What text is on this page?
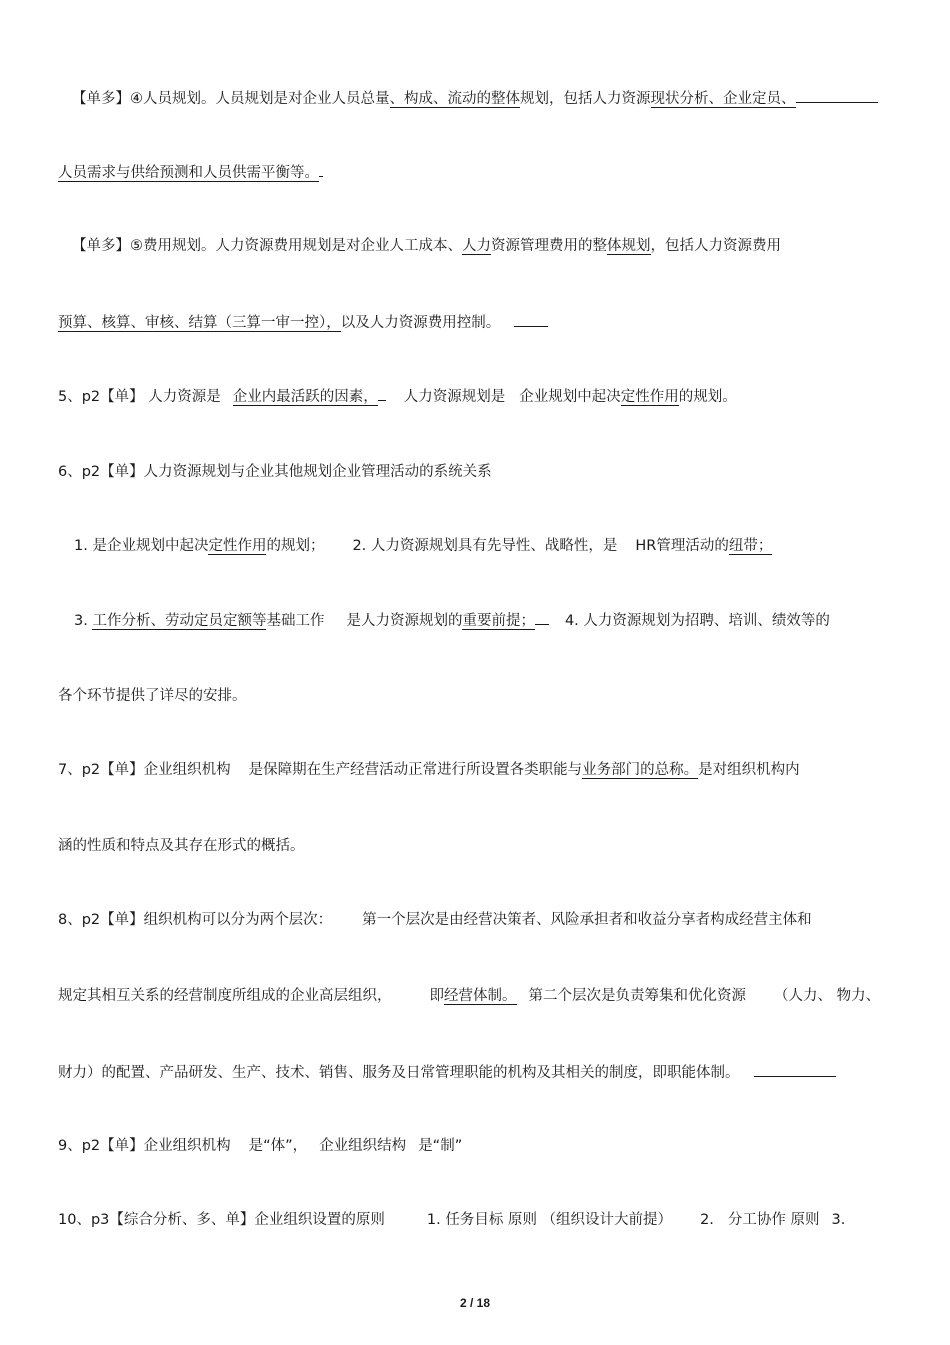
【单多】④人员规划。人员规划是对企业人员总量、构成、流动的整体规划，包括人力资源现状分析、企业定员、
人员需求与供给预测和人员供需平衡等。
【单多】⑤费用规划。人力资源费用规划是对企业人工成本、人力资源管理费用的整体规划，包括人力资源费用
预算、核算、审核、结算（三算一审一控），以及人力资源费用控制。
5、p2【单】 人力资源是 企业内最活跃的因素， 人力资源规划是 企业规划中起决定性作用的规划。
6、p2【单】人力资源规划与企业其他规划企业管理活动的系统关系
1. 是企业规划中起决定性作用的规划； 2. 人力资源规划具有先导性、战略性，是 HR管理活动的纽带；
3. 工作分析、劳动定员定额等基础工作 是人力资源规划的重要前提； 4. 人力资源规划为招聘、培训、绩效等的
各个环节提供了详尽的安排。
7、p2【单】企业组织机构 是保障期在生产经营活动正常进行所设置各类职能与业务部门的总称。是对组织机构内
涵的性质和特点及其存在形式的概括。
8、p2【单】组织机构可以分为两个层次： 第一个层次是由经营决策者、风险承担者和收益分享者构成经营主体和
规定其相互关系的经营制度所组成的企业高层组织，	即经营体制。 第二个层次是负责筹集和优化资源 （人力、 物力、
财力）的配置、产品研发、生产、技术、销售、服务及日常管理职能的机构及其相关的制度，即职能体制。
9、p2【单】企业组织机构 是“体”， 企业组织结构 是“制”
10、p3【综合分析、多、单】企业组织设置的原则	1. 任务目标 原则 （组织设计大前提） 2. 分工协作 原则 3.
2 / 18
